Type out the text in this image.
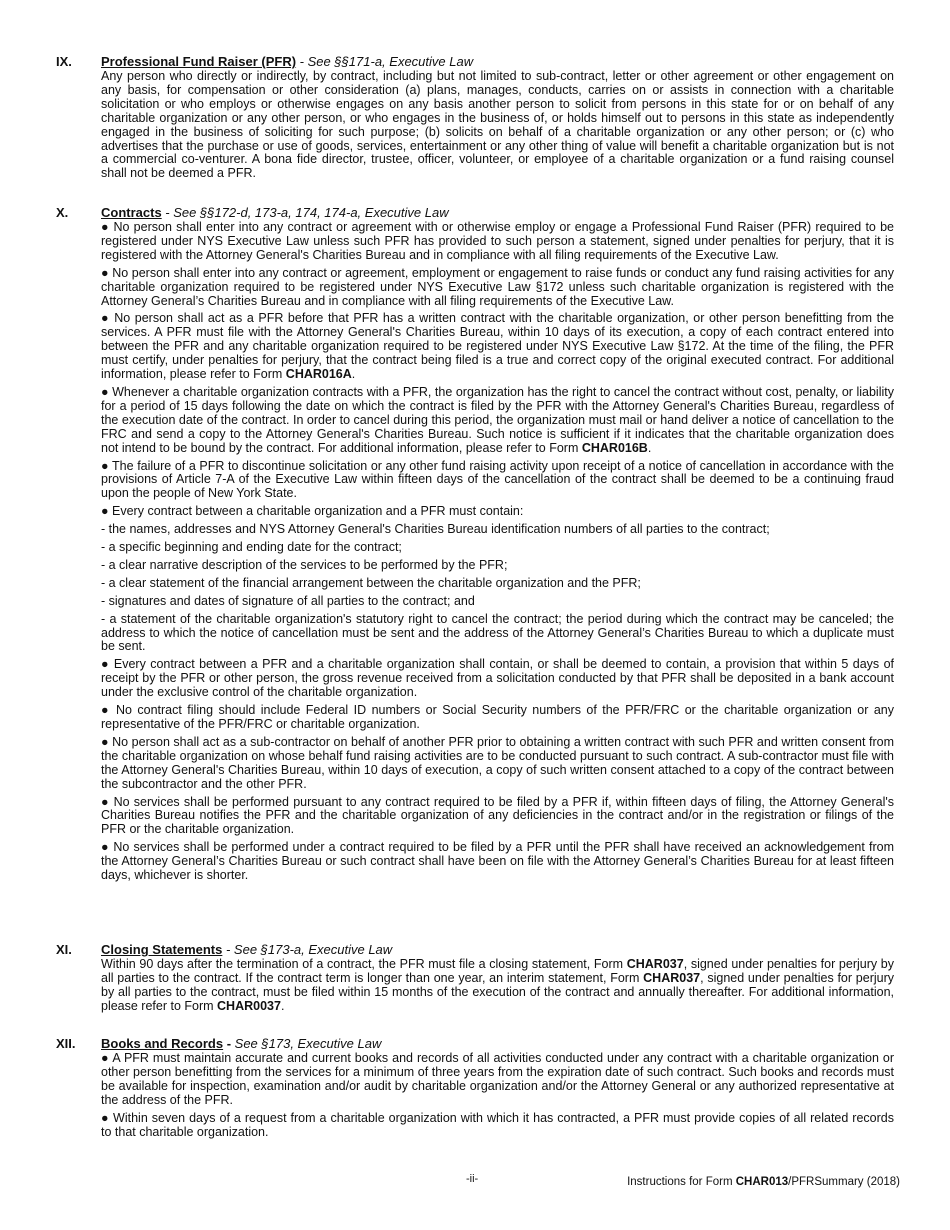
IX. Professional Fund Raiser (PFR) - See §§171-a, Executive Law

Any person who directly or indirectly, by contract, including but not limited to sub-contract, letter or other agreement or other engagement on any basis, for compensation or other consideration (a) plans, manages, conducts, carries on or assists in connection with a charitable solicitation or who employs or otherwise engages on any basis another person to solicit from persons in this state for or on behalf of any charitable organization or any other person, or who engages in the business of, or holds himself out to persons in this state as independently engaged in the business of soliciting for such purpose; (b) solicits on behalf of a charitable organization or any other person; or (c) who advertises that the purchase or use of goods, services, entertainment or any other thing of value will benefit a charitable organization but is not a commercial co-venturer. A bona fide director, trustee, officer, volunteer, or employee of a charitable organization or a fund raising counsel shall not be deemed a PFR.

X.	Contracts - See §§172-d, 173-a, 174, 174-a, Executive Law

● No person shall enter into any contract or agreement with or otherwise employ or engage a Professional Fund Raiser (PFR) required to be registered under NYS Executive Law unless such PFR has provided to such person a statement, signed under penalties for perjury, that it is registered with the Attorney General's Charities Bureau and in compliance with all filing requirements of the Executive Law.

● No person shall enter into any contract or agreement, employment or engagement to raise funds or conduct any fund raising activities for any charitable organization required to be registered under NYS Executive Law §172 unless such charitable organization is registered with the Attorney General’s Charities Bureau and in compliance with all filing requirements of the Executive Law.

● No person shall act as a PFR before that PFR has a written contract with the charitable organization, or other person benefitting from the services. A PFR must file with the Attorney General's Charities Bureau, within 10 days of its execution, a copy of each contract entered into between the PFR and any charitable organization required to be registered under NYS Executive Law §172. At the time of the filing, the PFR must certify, under penalties for perjury, that the contract being filed is a true and correct copy of the original executed contract. For additional information, please refer to Form CHAR016A.

● Whenever a charitable organization contracts with a PFR, the organization has the right to cancel the contract without cost, penalty, or liability for a period of 15 days following the date on which the contract is filed by the PFR with the Attorney General's Charities Bureau, regardless of the execution date of the contract. In order to cancel during this period, the organization must mail or hand deliver a notice of cancellation to the FRC and send a copy to the Attorney General's Charities Bureau. Such notice is sufficient if it indicates that the charitable organization does not intend to be bound by the contract. For additional information, please refer to Form CHAR016B.

● The failure of a PFR to discontinue solicitation or any other fund raising activity upon receipt of a notice of cancellation in accordance with the provisions of Article 7-A of the Executive Law within fifteen days of the cancellation of the contract shall be deemed to be a continuing fraud upon the people of New York State.

● Every contract between a charitable organization and a PFR must contain:

- the names, addresses and NYS Attorney General's Charities Bureau identification numbers of all parties to the contract;

- a specific beginning and ending date for the contract;

- a clear narrative description of the services to be performed by the PFR;

- a clear statement of the financial arrangement between the charitable organization and the PFR;

- signatures and dates of signature of all parties to the contract; and

- a statement of the charitable organization's statutory right to cancel the contract; the period during which the contract may be canceled; the address to which the notice of cancellation must be sent and the address of the Attorney General’s Charities Bureau to which a duplicate must be sent.

● Every contract between a PFR and a charitable organization shall contain, or shall be deemed to contain, a provision that within 5 days of receipt by the PFR or other person, the gross revenue received from a solicitation conducted by that PFR shall be deposited in a bank account under the exclusive control of the charitable organization.

● No contract filing should include Federal ID numbers or Social Security numbers of the PFR/FRC or the charitable organization or any representative of the PFR/FRC or charitable organization.

● No person shall act as a sub-contractor on behalf of another PFR prior to obtaining a written contract with such PFR and written consent from the charitable organization on whose behalf fund raising activities are to be conducted pursuant to such contract. A sub-contractor must file with the Attorney General's Charities Bureau, within 10 days of execution, a copy of such written consent attached to a copy of the contract between the subcontractor and the other PFR.

● No services shall be performed pursuant to any contract required to be filed by a PFR if, within fifteen days of filing, the Attorney General's Charities Bureau notifies the PFR and the charitable organization of any deficiencies in the contract and/or in the registration or filings of the PFR or the charitable organization.

● No services shall be performed under a contract required to be filed by a PFR until the PFR shall have received an acknowledgement from the Attorney General’s Charities Bureau or such contract shall have been on file with the Attorney General’s Charities Bureau for at least fifteen days, whichever is shorter.

XI. Closing Statements - See §173-a, Executive Law

Within 90 days after the termination of a contract, the PFR must file a closing statement, Form CHAR037, signed under penalties for perjury by all parties to the contract. If the contract term is longer than one year, an interim statement, Form CHAR037, signed under penalties for perjury by all parties to the contract, must be filed within 15 months of the execution of the contract and annually thereafter. For additional information, please refer to Form CHAR0037.

XII. Books and Records - See §173, Executive Law

● A PFR must maintain accurate and current books and records of all activities conducted under any contract with a charitable organization or other person benefitting from the services for a minimum of three years from the expiration date of such contract. Such books and records must be available for inspection, examination and/or audit by charitable organization and/or the Attorney General or any authorized representative at the address of the PFR.

● Within seven days of a request from a charitable organization with which it has contracted, a PFR must provide copies of all related records to that charitable organization.

-ii-	Instructions for Form CHAR013/PFRSummary (2018)
